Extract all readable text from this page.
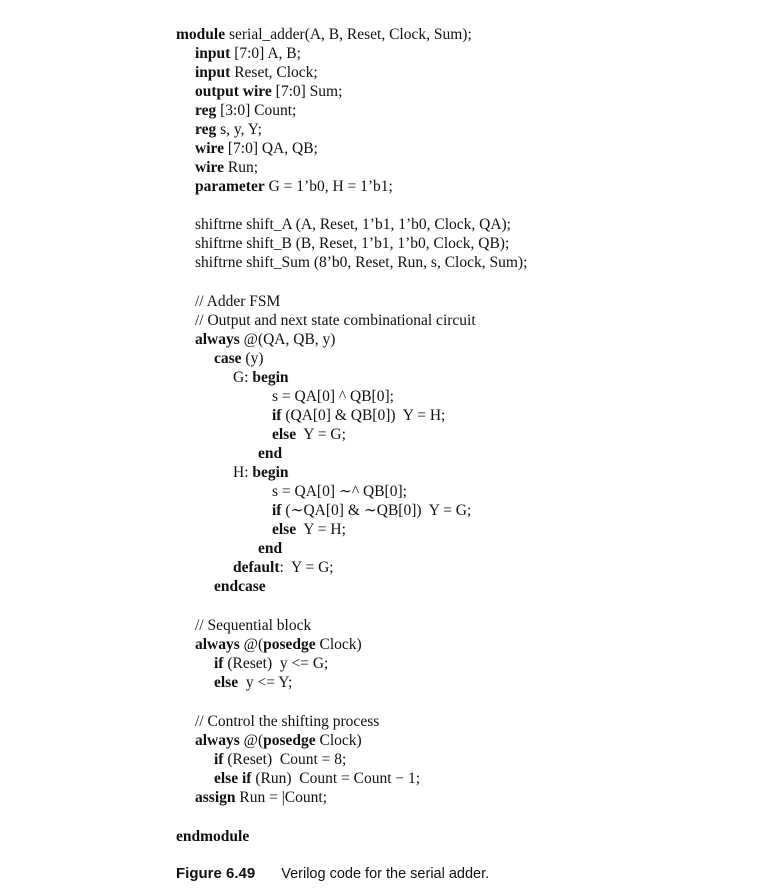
module serial_adder(A, B, Reset, Clock, Sum);
input [7:0] A, B;
input Reset, Clock;
output wire [7:0] Sum;
reg [3:0] Count;
reg s, y, Y;
wire [7:0] QA, QB;
wire Run;
parameter G = 1’b0, H = 1’b1;
shiftrne shift_A (A, Reset, 1’b1, 1’b0, Clock, QA);
shiftrne shift_B (B, Reset, 1’b1, 1’b0, Clock, QB);
shiftrne shift_Sum (8’b0, Reset, Run, s, Clock, Sum);
// Adder FSM
// Output and next state combinational circuit
always @(QA, QB, y)
case (y)
G: begin
s = QA[0] ^ QB[0];
if (QA[0] & QB[0])  Y = H;
else  Y = G;
end
H: begin
s = QA[0] ∼^ QB[0];
if (∼QA[0] & ∼QB[0])  Y = G;
else  Y = H;
end
default:  Y = G;
endcase
// Sequential block
always @(posedge Clock)
if (Reset)  y <= G;
else  y <= Y;
// Control the shifting process
always @(posedge Clock)
if (Reset)  Count = 8;
else if (Run)  Count = Count − 1;
assign Run = |Count;
endmodule
Figure 6.49 Verilog code for the serial adder.
